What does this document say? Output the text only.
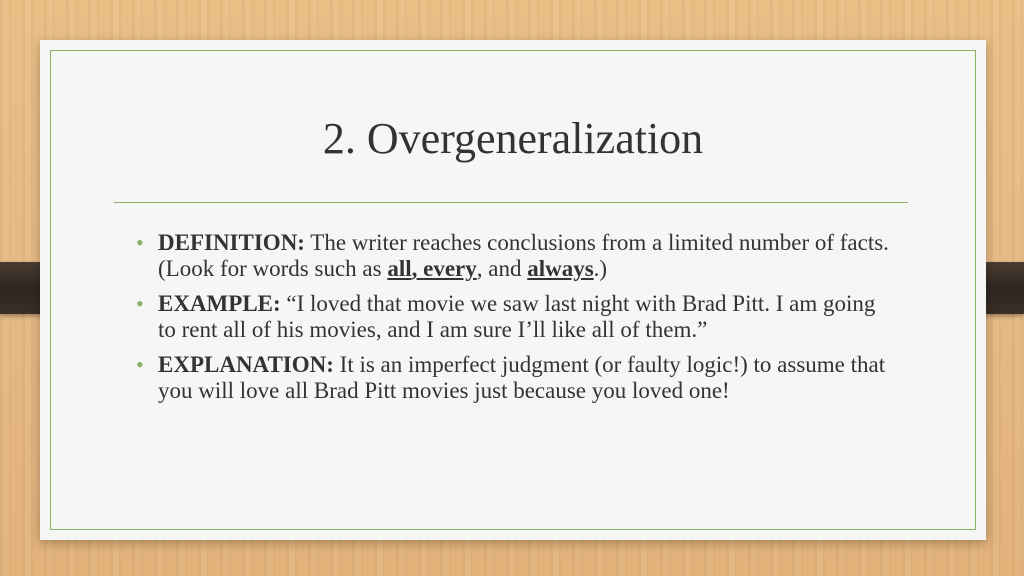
2. Overgeneralization
• DEFINITION: The writer reaches conclusions from a limited number of facts. (Look for words such as all, every, and always.)
• EXAMPLE: “I loved that movie we saw last night with Brad Pitt. I am going to rent all of his movies, and I am sure I’ll like all of them.”
• EXPLANATION: It is an imperfect judgment (or faulty logic!) to assume that you will love all Brad Pitt movies just because you loved one!
